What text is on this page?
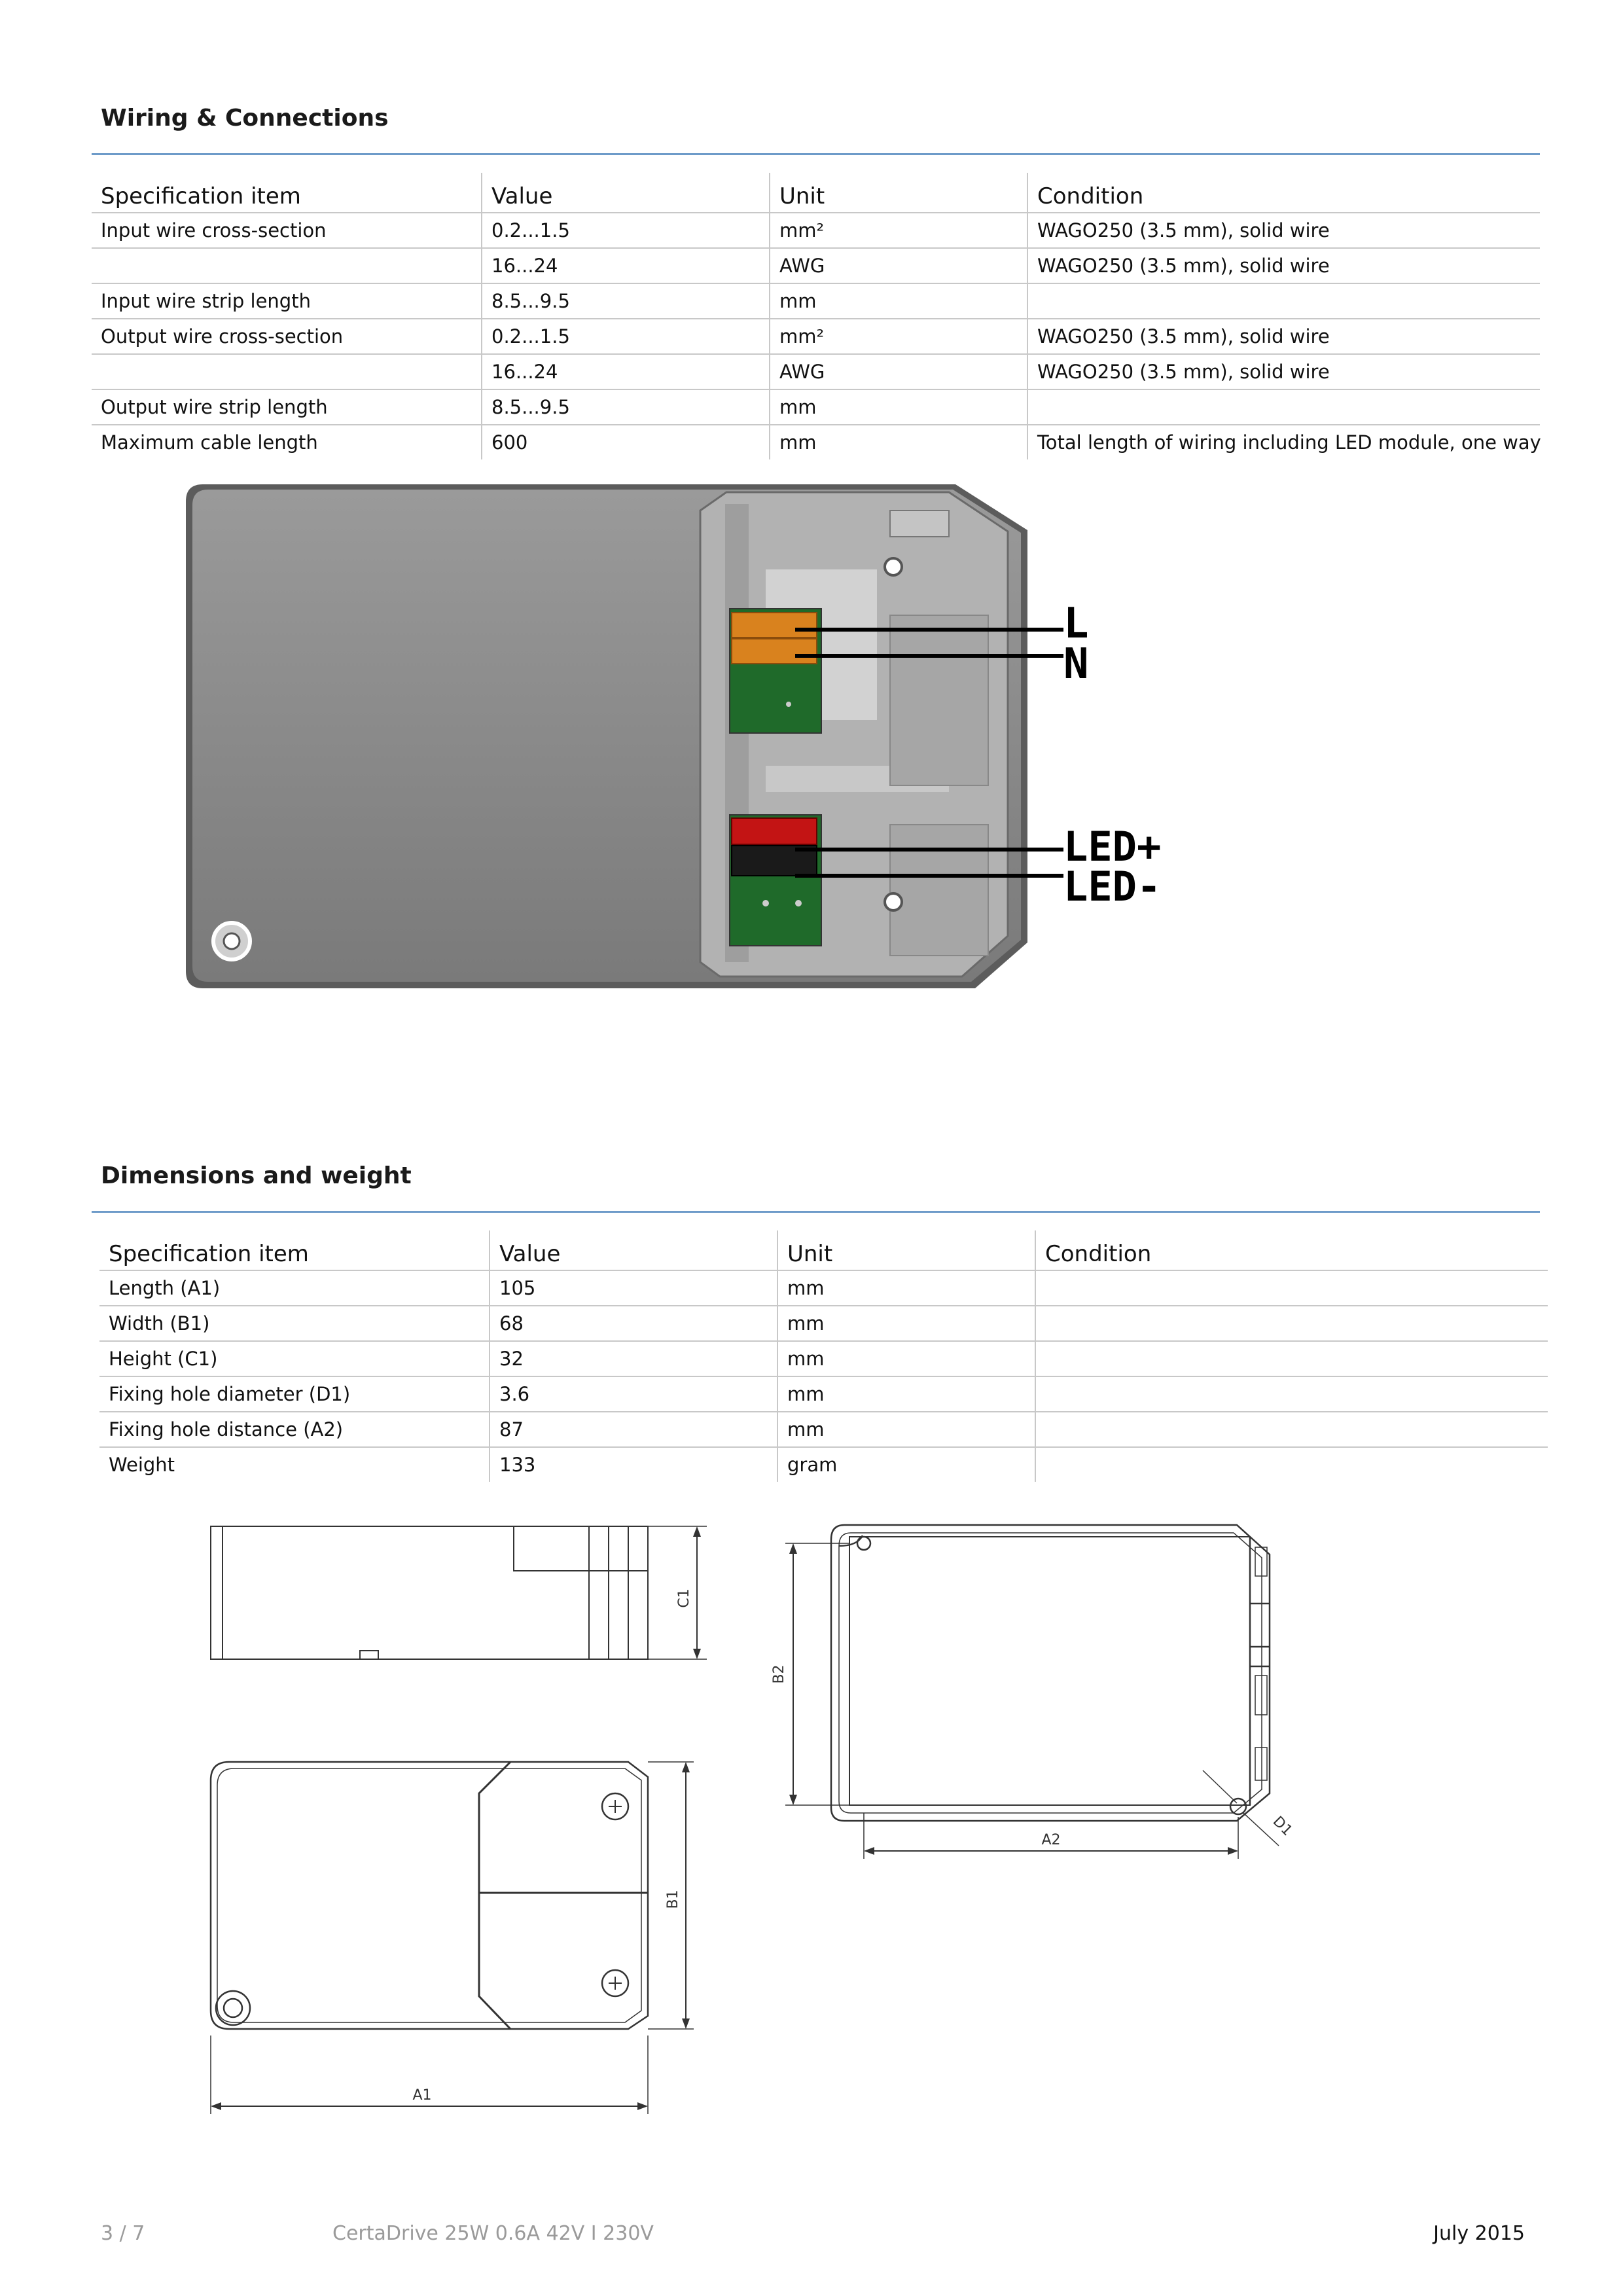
Wiring & Connections
Specification item	Value	Unit	Condition
Input wire cross-section	0.2...1.5	mm²	WAGO250 (3.5 mm), solid wire
	16...24	AWG	WAGO250 (3.5 mm), solid wire
Input wire strip length	8.5...9.5	mm	
Output wire cross-section	0.2...1.5	mm²	WAGO250 (3.5 mm), solid wire
	16...24	AWG	WAGO250 (3.5 mm), solid wire
Output wire strip length	8.5...9.5	mm	
Maximum cable length	600	mm	Total length of wiring including LED module, one way
L
N
LED+
LED-
Dimensions and weight
Specification item	Value	Unit	Condition
Length (A1)	105	mm	
Width (B1)	68	mm	
Height (C1)	32	mm	
Fixing hole diameter (D1)	3.6	mm	
Fixing hole distance (A2)	87	mm	
Weight	133	gram	
C1
B1
A1
B2
A2
D1
3 / 7	CertaDrive 25W 0.6A 42V I 230V	July 2015
